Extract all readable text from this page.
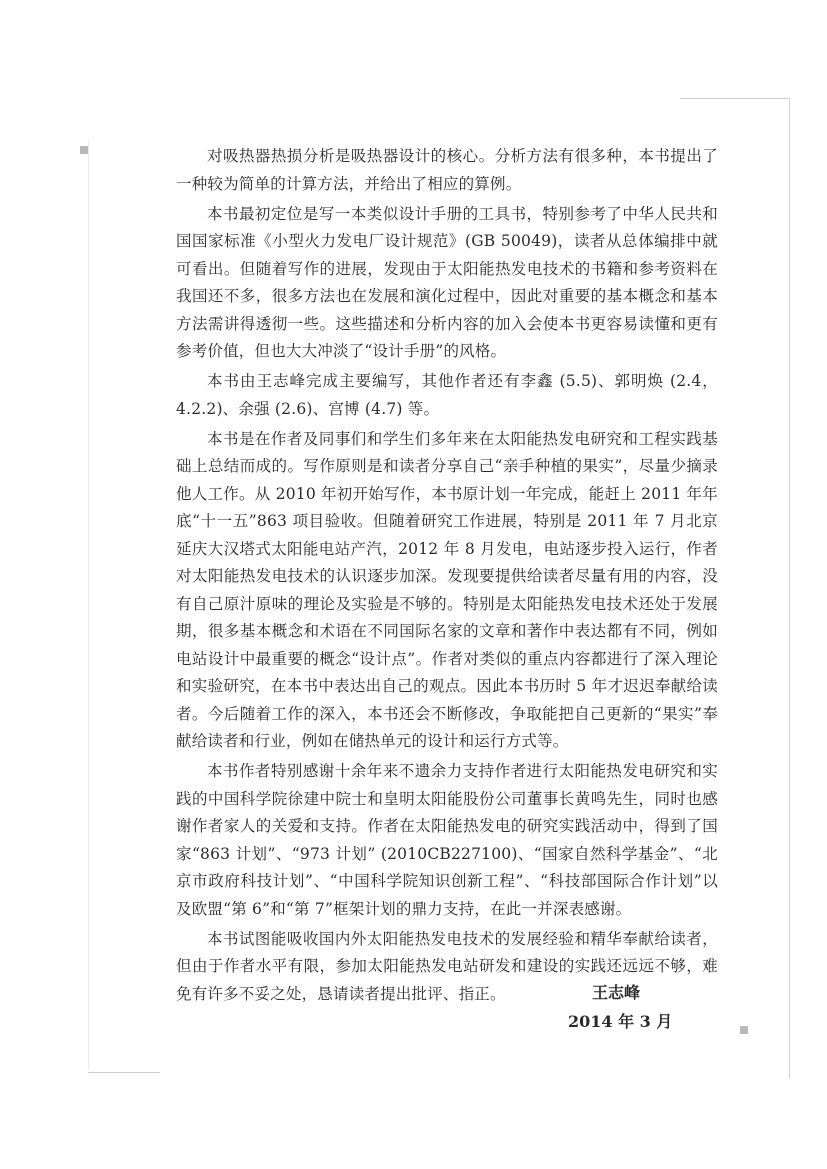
对吸热器热损分析是吸热器设计的核心。分析方法有很多种，本书提出了一种较为简单的计算方法，并给出了相应的算例。

本书最初定位是写一本类似设计手册的工具书，特别参考了中华人民共和国国家标准《小型火力发电厂设计规范》(GB 50049)，读者从总体编排中就可看出。但随着写作的进展，发现由于太阳能热发电技术的书籍和参考资料在我国还不多，很多方法也在发展和演化过程中，因此对重要的基本概念和基本方法需讲得透彻一些。这些描述和分析内容的加入会使本书更容易读懂和更有参考价值，但也大大冲淡了“设计手册”的风格。

本书由王志峰完成主要编写，其他作者还有李鑫 (5.5)、郭明焕 (2.4，4.2.2)、余强 (2.6)、宫博 (4.7) 等。

本书是在作者及同事们和学生们多年来在太阳能热发电研究和工程实践基础上总结而成的。写作原则是和读者分享自己“亲手种植的果实”，尽量少摘录他人工作。从 2010 年初开始写作，本书原计划一年完成，能赶上 2011 年年底“十一五”863 项目验收。但随着研究工作进展，特别是 2011 年 7 月北京延庆大汉塔式太阳能电站产汽，2012 年 8 月发电，电站逐步投入运行，作者对太阳能热发电技术的认识逐步加深。发现要提供给读者尽量有用的内容，没有自己原汁原味的理论及实验是不够的。特别是太阳能热发电技术还处于发展期，很多基本概念和术语在不同国际名家的文章和著作中表达都有不同，例如电站设计中最重要的概念“设计点”。作者对类似的重点内容都进行了深入理论和实验研究，在本书中表达出自己的观点。因此本书历时 5 年才迟迟奉献给读者。今后随着工作的深入，本书还会不断修改，争取能把自己更新的“果实”奉献给读者和行业，例如在储热单元的设计和运行方式等。

本书作者特别感谢十余年来不遗余力支持作者进行太阳能热发电研究和实践的中国科学院徐建中院士和皇明太阳能股份公司董事长黄鸣先生，同时也感谢作者家人的关爱和支持。作者在太阳能热发电的研究实践活动中，得到了国家“863 计划”、“973 计划” (2010CB227100)、“国家自然科学基金”、“北京市政府科技计划”、“中国科学院知识创新工程”、“科技部国际合作计划”以及欧盟“第 6”和“第 7”框架计划的鼎力支持，在此一并深表感谢。

本书试图能吸收国内外太阳能热发电技术的发展经验和精华奉献给读者，但由于作者水平有限，参加太阳能热发电站研发和建设的实践还远远不够，难免有许多不妥之处，恳请读者提出批评、指正。	王志峰

2014 年 3 月
